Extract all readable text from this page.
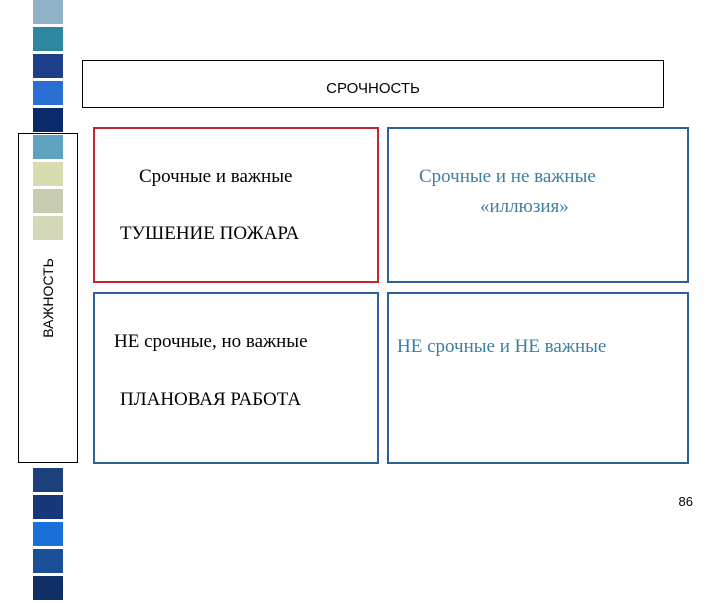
СРОЧНОСТЬ
ВАЖНОСТЬ
Срочные и важные
ТУШЕНИЕ ПОЖАРА
Срочные и не важные
«иллюзия»
НЕ срочные, но важные
ПЛАНОВАЯ РАБОТА
НЕ срочные и НЕ важные
86
